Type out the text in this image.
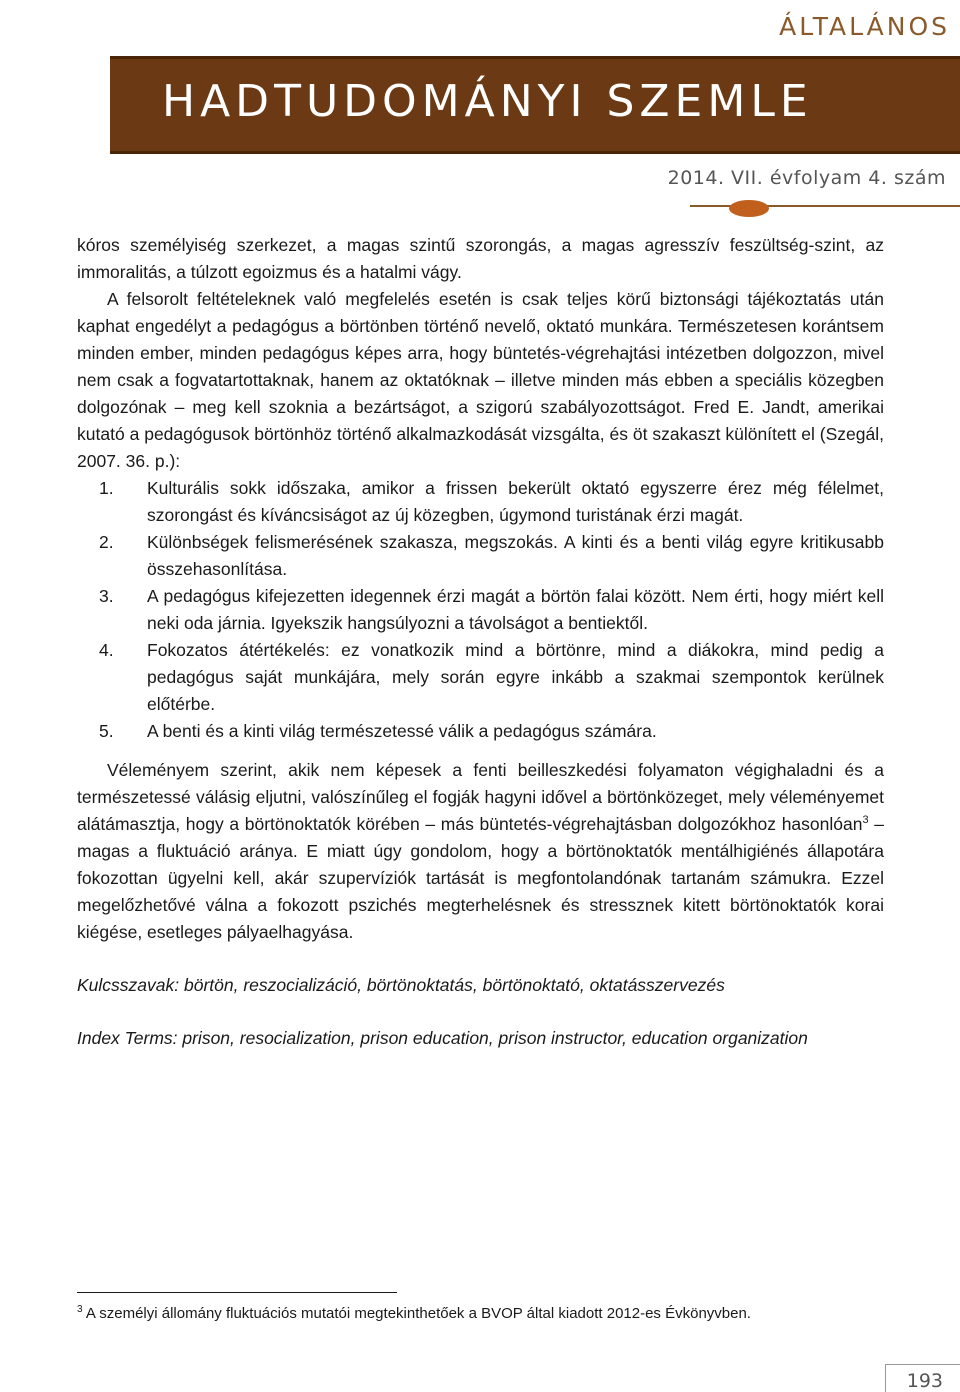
ÁLTALÁNOS
HADTUDOMÁNYI SZEMLE
2014. VII. évfolyam 4. szám

kóros személyiség szerkezet, a magas szintű szorongás, a magas agresszív feszültség-szint, az immoralitás, a túlzott egoizmus és a hatalmi vágy.

A felsorolt feltételeknek való megfelelés esetén is csak teljes körű biztonsági tájékoztatás után kaphat engedélyt a pedagógus a börtönben történő nevelő, oktató munkára. Természetesen korántsem minden ember, minden pedagógus képes arra, hogy büntetés-végrehajtási intézetben dolgozzon, mivel nem csak a fogvatartottaknak, hanem az oktatóknak – illetve minden más ebben a speciális közegben dolgozónak – meg kell szoknia a bezártságot, a szigorú szabályozottságot. Fred E. Jandt, amerikai kutató a pedagógusok börtönhöz történő alkalmazkodását vizsgálta, és öt szakaszt különített el (Szegál, 2007. 36. p.):

1.	Kulturális sokk időszaka, amikor a frissen bekerült oktató egyszerre érez még félelmet, szorongást és kíváncsiságot az új közegben, úgymond turistának érzi magát.
2.	Különbségek felismerésének szakasza, megszokás. A kinti és a benti világ egyre kritikusabb összehasonlítása.
3.	A pedagógus kifejezetten idegennek érzi magát a börtön falai között. Nem érti, hogy miért kell neki oda járnia. Igyekszik hangsúlyozni a távolságot a bentiektől.
4.	Fokozatos átértékelés: ez vonatkozik mind a börtönre, mind a diákokra, mind pedig a pedagógus saját munkájára, mely során egyre inkább a szakmai szempontok kerülnek előtérbe.
5.	A benti és a kinti világ természetessé válik a pedagógus számára.

Véleményem szerint, akik nem képesek a fenti beilleszkedési folyamaton végighaladni és a természetessé válásig eljutni, valószínűleg el fogják hagyni idővel a börtönközeget, mely véleményemet alátámasztja, hogy a börtönoktatók körében – más büntetés-végrehajtásban dolgozókhoz hasonlóan$^3$ – magas a fluktuáció aránya. E miatt úgy gondolom, hogy a börtönoktatók mentálhigiénés állapotára fokozottan ügyelni kell, akár szupervíziók tartását is megfontolandónak tartanám számukra. Ezzel megelőzhetővé válna a fokozott pszichés megterhelésnek és stressznek kitett börtönoktatók korai kiégése, esetleges pályaelhagyása.

Kulcsszavak: börtön, reszocializáció, börtönoktatás, börtönoktató, oktatásszervezés

Index Terms: prison, resocialization, prison education, prison instructor, education organization

$^3$ A személyi állomány fluktuációs mutatói megtekinthetőek a BVOP által kiadott 2012-es Évkönyvben.
193
